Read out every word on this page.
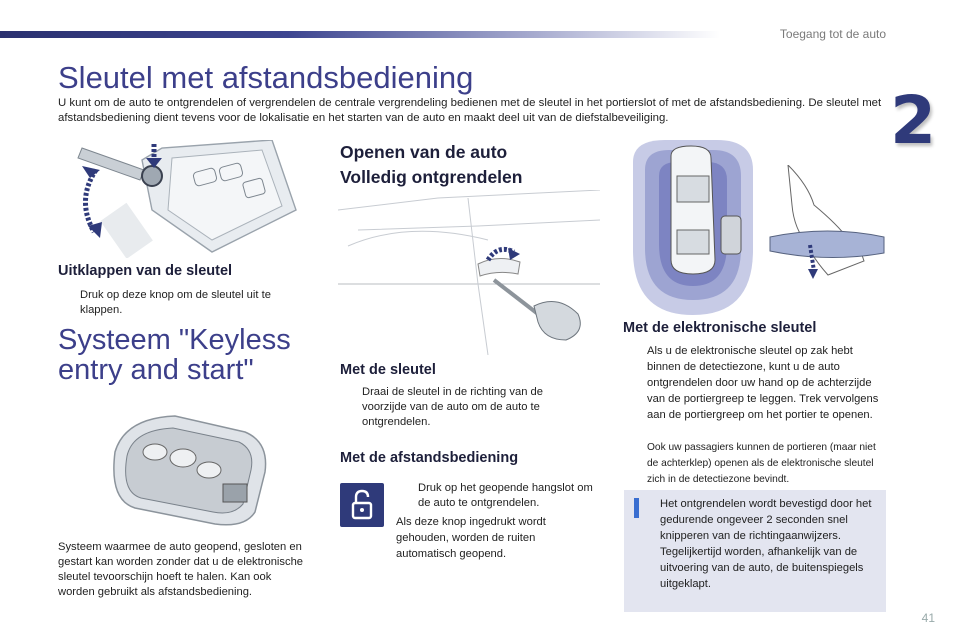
Toegang tot de auto
2
Sleutel met afstandsbediening

U kunt om de auto te ontgrendelen of vergrendelen de centrale vergrendeling bedienen met de sleutel in het portierslot of met de afstandsbediening. De sleutel met afstandsbediening dient tevens voor de lokalisatie en het starten van de auto en maakt deel uit van de diefstalbeveiliging.

Uitklappen van de sleutel
Druk op deze knop om de sleutel uit te klappen.
Systeem "Keyless entry and start"

Systeem waarmee de auto geopend, gesloten en gestart kan worden zonder dat u de elektronische sleutel tevoorschijn hoeft te halen. Kan ook worden gebruikt als afstandsbediening.

Openen van de auto
Volledig ontgrendelen
Met de sleutel
Draai de sleutel in de richting van de voorzijde van de auto om de auto te ontgrendelen.
Met de afstandsbediening
Druk op het geopende hangslot om de auto te ontgrendelen.

Als deze knop ingedrukt wordt gehouden, worden de ruiten automatisch geopend.

Met de elektronische sleutel
Als u de elektronische sleutel op zak hebt binnen de detectiezone, kunt u de auto ontgrendelen door uw hand op de achterzijde van de portiergreep te leggen. Trek vervolgens aan de portiergreep om het portier te openen.

Ook uw passagiers kunnen de portieren (maar niet de achterklep) openen als de elektronische sleutel zich in de detectiezone bevindt.

Het ontgrendelen wordt bevestigd door het gedurende ongeveer 2 seconden snel knipperen van de richtingaanwijzers. Tegelijkertijd worden, afhankelijk van de uitvoering van de auto, de buitenspiegels uitgeklapt.

41
